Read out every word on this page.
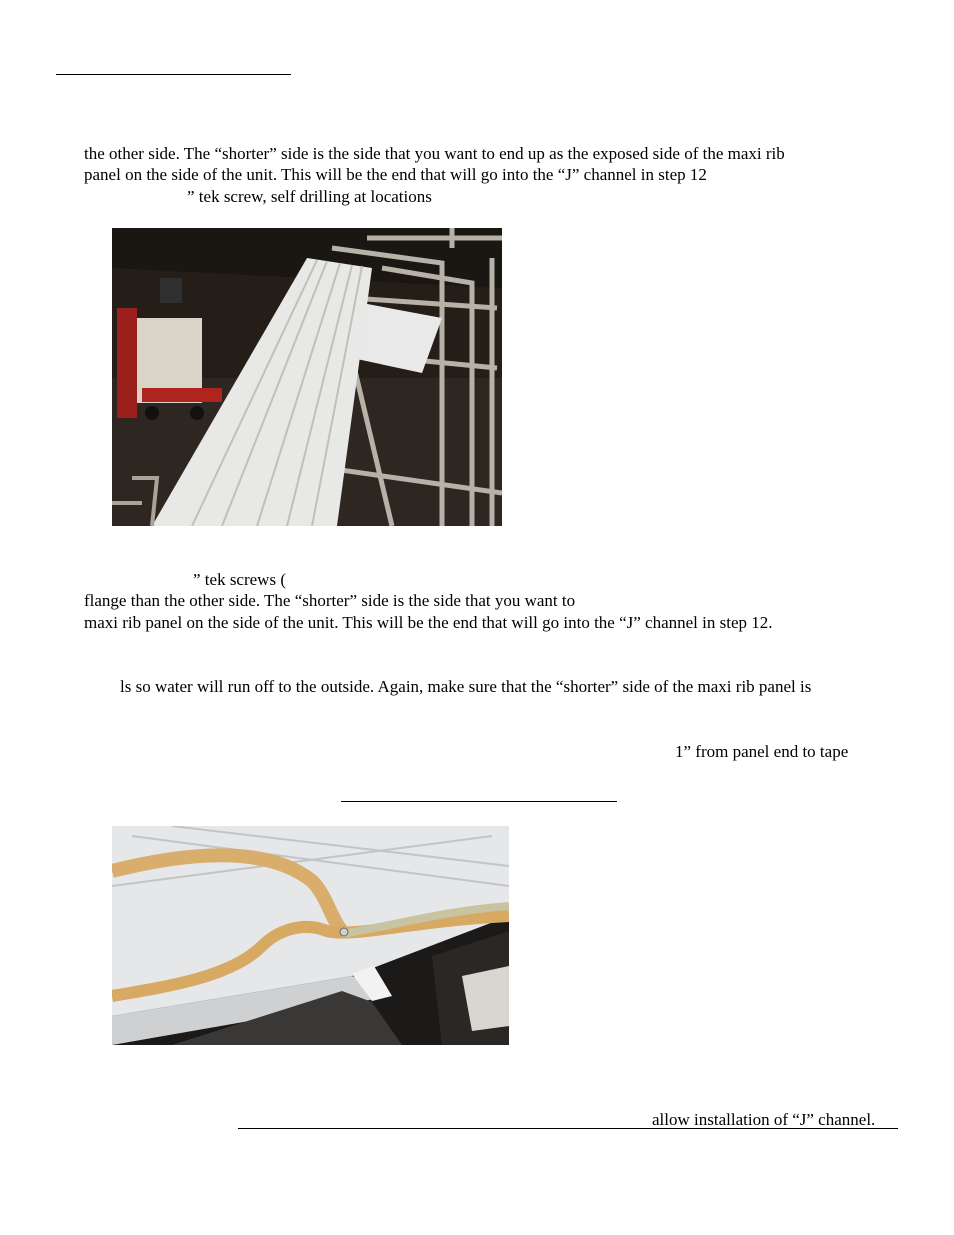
the other side. The “shorter” side is the side that you want to end up as the exposed side of the maxi rib
panel on the side of the unit. This will be the end that will go into the “J” channel in step 12
” tek screw, self drilling at locations
” tek screws (
flange than the other side. The “shorter” side is the side that you want to
maxi rib panel on the side of the unit. This will be the end that will go into the “J” channel in step 12.
ls so water will run off to the outside. Again, make sure that the “shorter” side of the maxi rib panel is
1” from panel end to tape
allow installation of “J” channel.
